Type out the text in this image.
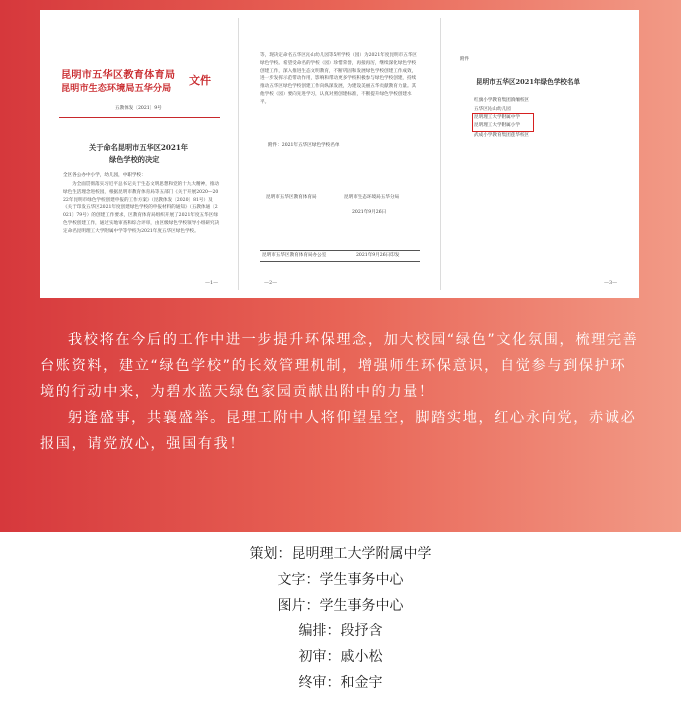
昆明市五华区教育体育局
昆明市生态环境局五华分局
文件
五教体发〔2021〕9号
关于命名昆明市五华区2021年
绿色学校的决定
全区各公办中小学，幼儿园，中职学校：
为全面贯彻落实习近平总书记关于生态文明思想和党的十九大精神，推动绿色生活理念进校园，根据昆明市教育体育局等五部门《关于开展2020—2022年昆明市绿色学校创建申报的工作方案》（昆教体发〔2020〕81号）及《关于印发五华区2021年度创建绿色学校的申报材料的通知》（五教体通〔2021〕79号）的创建工作要求，区教育体育局组织开展了2021年度五华区绿色学校创建工作，通过实地审查和综合评审，由区级绿色学校领导小组研究决定命名昆明理工大学附属中学等学校为2021年度五华区绿色学校。
—1—
等，现决定命名五华区沁山幼儿园等5所学校（园）为2021年度昆明市五华区绿色学校。希望受命名的学校（园）珍惜荣誉，再接再厉，继续深化绿色学校创建工作，深入推进生态文明教育，不断巩固和发展绿色学校创建工作成效，进一步发挥示范带动作用，影响和带动更多学校积极参与绿色学校创建，持续推动五华区绿色学校创建工作向纵深发展，为建设美丽五华贡献教育力量。其他学校（园）要向先进学习，认真对照创建标准，不断提升绿色学校创建水平。
附件：2021年五华区绿色学校名单
昆明市五华区教育体育局	昆明市生态环境局五华分局
2021年9月26日
昆明市五华区教育体育局办公室	2021年9月26日印发
—2—
附件
昆明市五华区2021年绿色学校名单
红旗小学教育集团滇缅校区
五华区沁山幼儿园
昆明理工大学附属中学
昆明理工大学附属小学
武成小学教育集团莲华校区
—3—

我校将在今后的工作中进一步提升环保理念，加大校园“绿色”文化氛围，梳理完善台账资料，建立“绿色学校”的长效管理机制，增强师生环保意识，自觉参与到保护环境的行动中来，为碧水蓝天绿色家园贡献出附中的力量！

躬逢盛事，共襄盛举。昆理工附中人将仰望星空，脚踏实地，红心永向党，赤诚必报国，请党放心，强国有我！

策划：昆明理工大学附属中学
文字：学生事务中心
图片：学生事务中心
编排：段抒含
初审：戚小松
终审：和金宇
